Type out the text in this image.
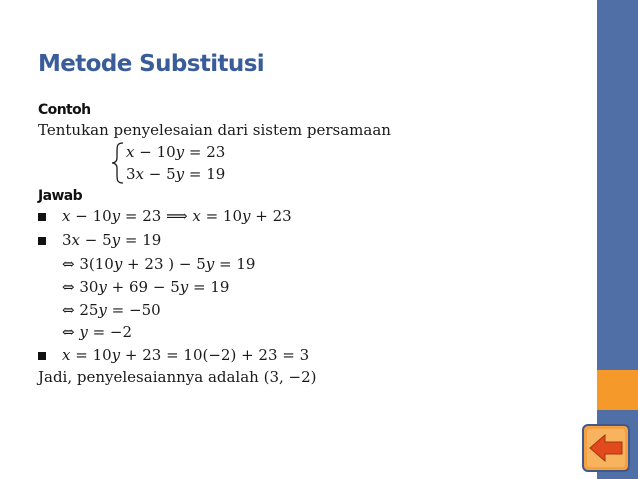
Metode Substitusi
Contoh
Tentukan penyelesaian dari sistem persamaan
𝑥 − 10𝑦 = 23
3𝑥 − 5𝑦 = 19
Jawab
𝑥 − 10𝑦 = 23 ⟹ 𝑥 = 10𝑦 + 23
3𝑥 − 5𝑦 = 19
⇔ 3(10𝑦 + 23 ) − 5𝑦 = 19
⇔ 30𝑦 + 69 − 5𝑦 = 19
⇔ 25𝑦 = −50
⇔ 𝑦 = −2
𝑥 = 10𝑦 + 23 = 10(−2) + 23 = 3
Jadi, penyelesaiannya adalah (3, −2)
